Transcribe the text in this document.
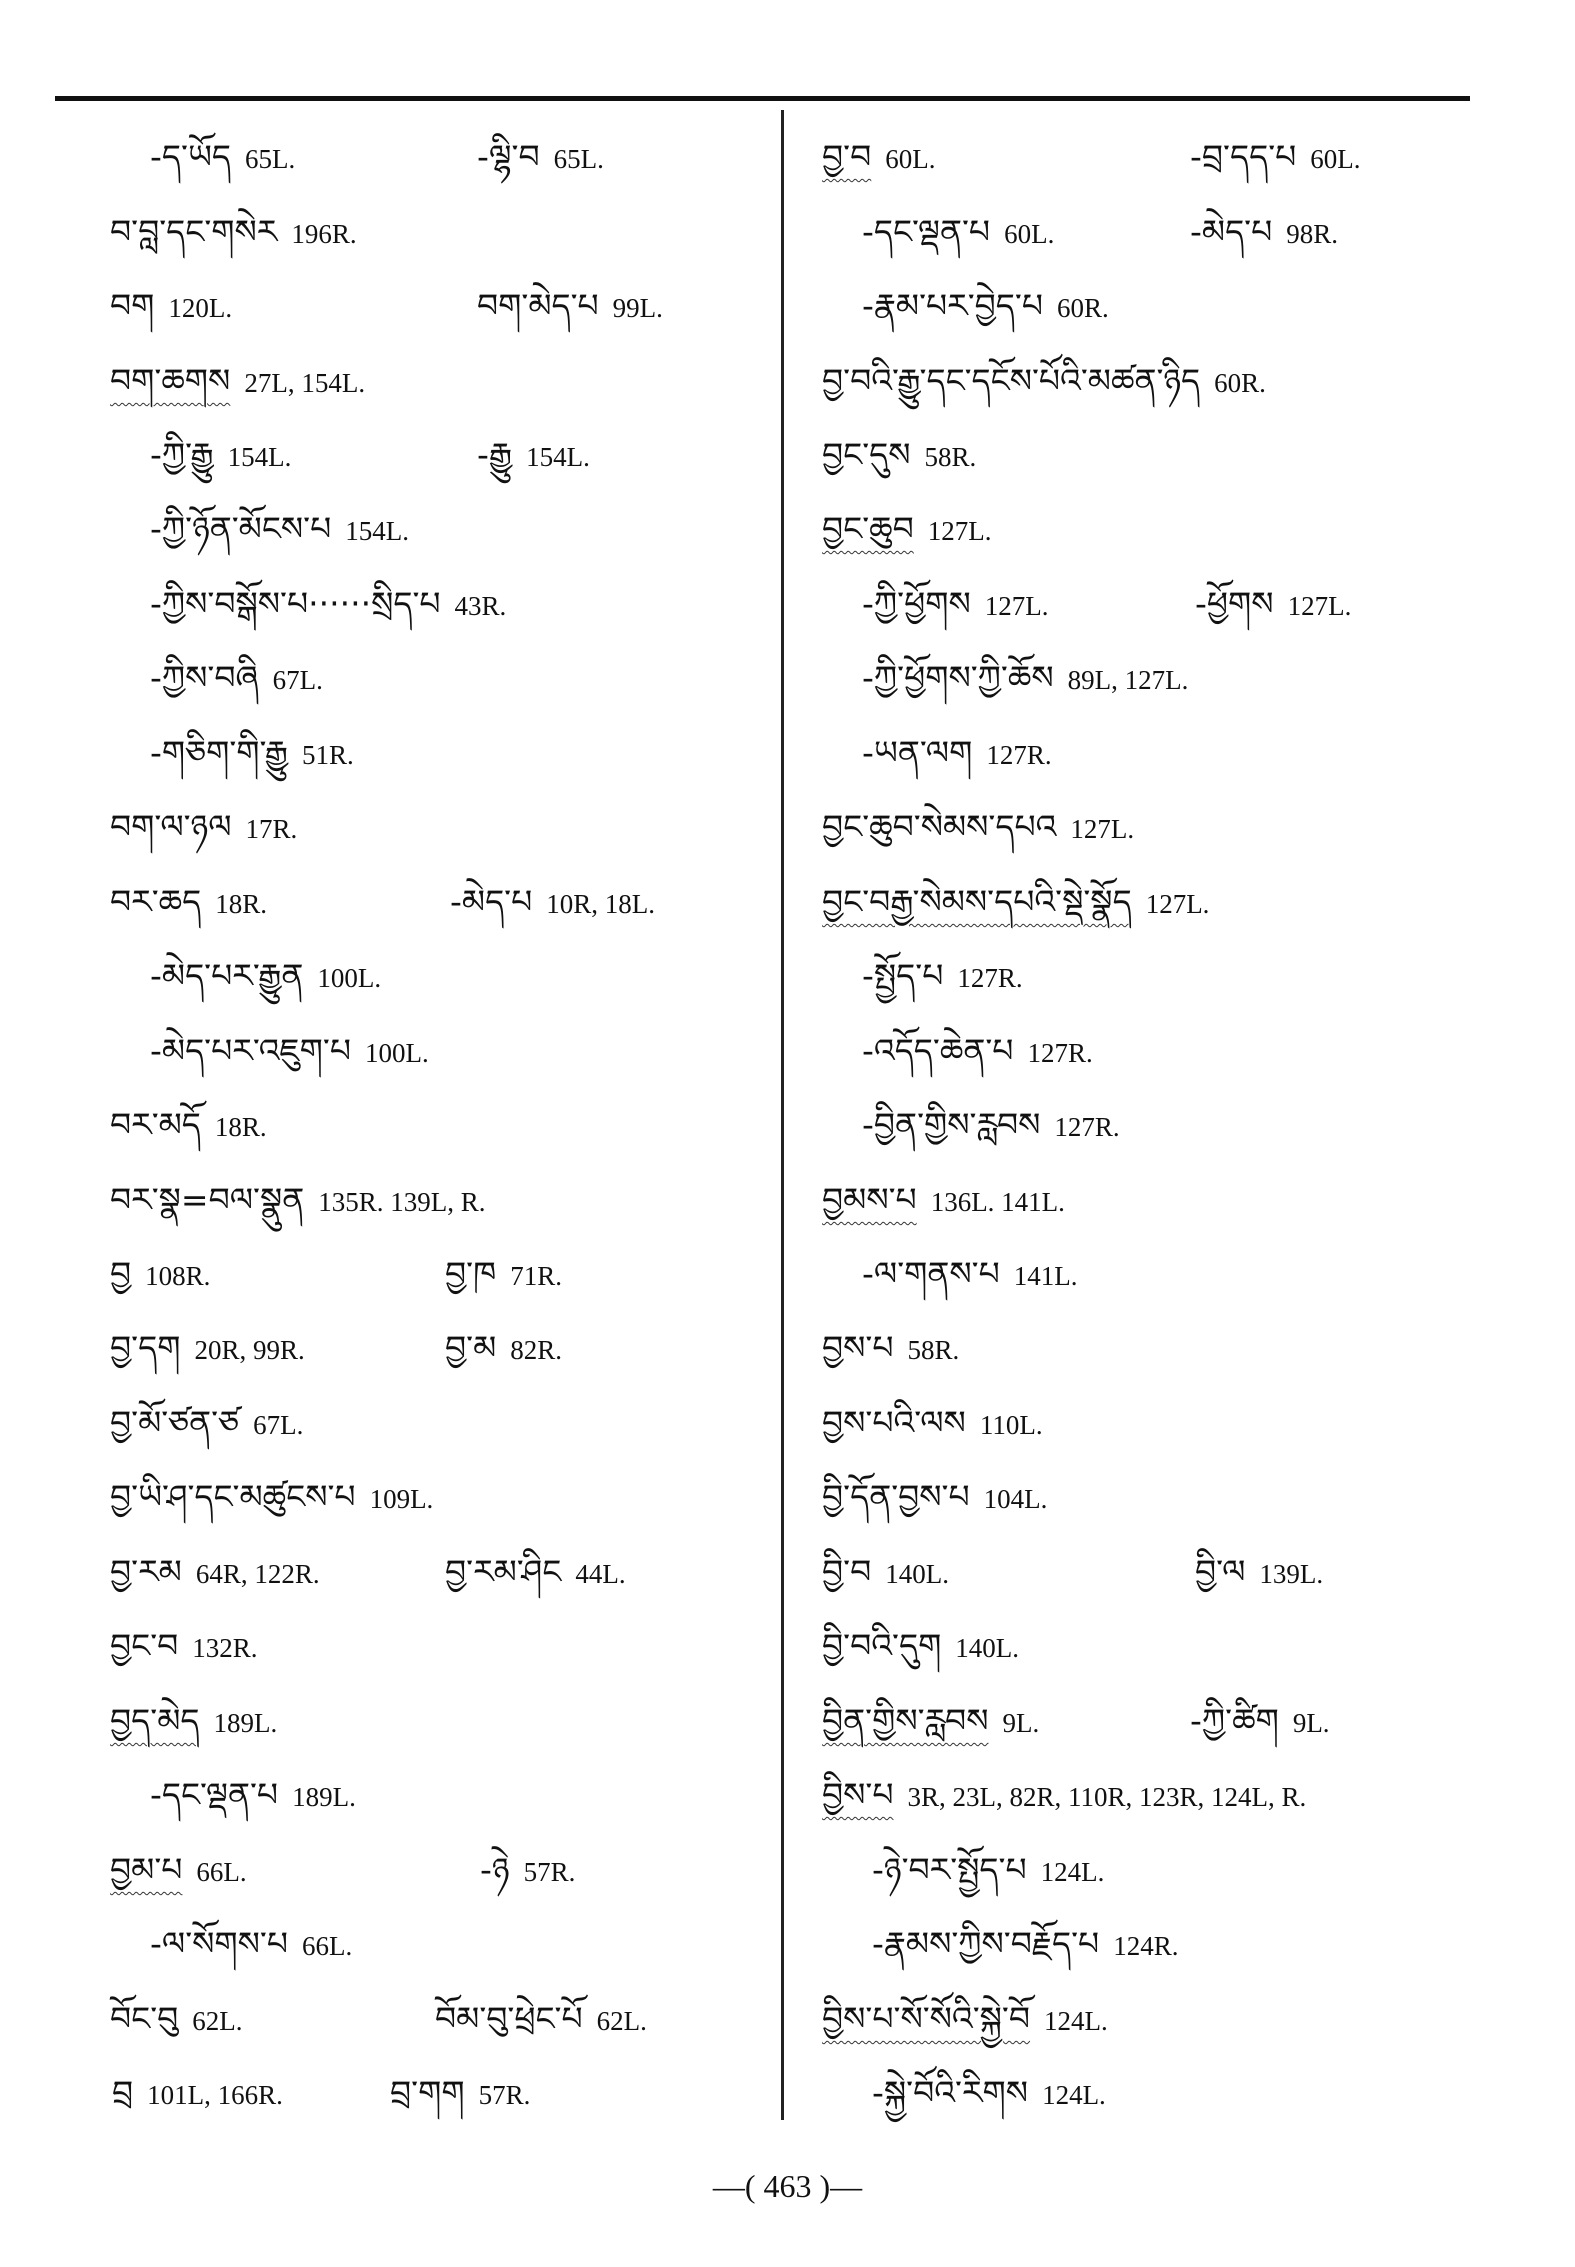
-ད་ཡོད 65L.	-ལྷི་བ 65L.
བ་བླ་དང་གསེར 196R.
བག 120L.	བག་མེད་པ 99L.
བག་ཆགས 27L, 154L.
-ཀྱི་རྒྱུ 154L.	-རྒྱུ 154L.
-ཀྱི་ཉོན་མོངས་པ 154L.
-ཀྱིས་བསྒོས་པ······སྲིད་པ 43R.
-ཀྱིས་བཞི 67L.
-གཅིག་གི་རྒྱུ 51R.
བག་ལ་ཉལ 17R.
བར་ཆད 18R.	-མེད་པ 10R, 18L.
-མེད་པར་རྒྱུན 100L.
-མེད་པར་འཇུག་པ 100L.
བར་མདོ 18R.
བར་སྣ=བལ་སྣུན 135R. 139L, R.
བྱ 108R.	བྱ་ཁ 71R.
བྱ་དག 20R, 99R.	བྱ་མ 82R.
བྱ་མོ་ཙན་ཙ 67L.
བྱ་ཡི་ཤ་དང་མཚུངས་པ 109L.
བྱ་རམ 64R, 122R.	བྱ་རམ་ཤིང 44L.
བྱང་བ 132R.
བྱད་མེད 189L.
-དང་ལྡན་པ 189L.
བྱམ་པ 66L.	-ཉེ 57R.
-ལ་སོགས་པ 66L.
བོང་བུ 62L.	བོམ་བུ་ཕྲེང་པོ 62L.
བྲ 101L, 166R.	བྲ་གག 57R.
བྱ་བ 60L.	-བྲ་དད་པ 60L.
-དང་ལྡན་པ 60L.	-མེད་པ 98R.
-རྣམ་པར་བྱེད་པ 60R.
བྱ་བའི་རྒྱུ་དང་དངོས་པོའི་མཚན་ཉིད 60R.
བྱང་དུས 58R.
བྱང་ཆུབ 127L.
-ཀྱི་ཕྱོགས 127L.	-ཕྱོགས 127L.
-ཀྱི་ཕྱོགས་ཀྱི་ཆོས 89L, 127L.
-ཡན་ལག 127R.
བྱང་ཆུབ་སེམས་དཔའ 127L.
བྱང་བརྒྱ་སེམས་དཔའི་སྡེ་སྣོད 127L.
-སྤྱོད་པ 127R.
-འདོད་ཆེན་པ 127R.
-བྱིན་གྱིས་རླབས 127R.
བྱམས་པ 136L. 141L.
-ལ་གནས་པ 141L.
བྱས་པ 58R.
བྱས་པའི་ལས 110L.
བྱི་དོན་བྱས་པ 104L.
བྱི་བ 140L.	བྱི་ལ 139L.
བྱི་བའི་དུག 140L.
བྱིན་གྱིས་རླབས 9L.	-ཀྱི་ཚིག 9L.
བྱིས་པ 3R, 23L, 82R, 110R, 123R, 124L, R.
-ཉེ་བར་སྤྱོད་པ 124L.
-རྣམས་ཀྱིས་བརྗོད་པ 124R.
བྱིས་པ་སོ་སོའི་སྐྱེ་བོ 124L.
-སྐྱེ་བོའི་རིགས 124L.
—( 463 )—
